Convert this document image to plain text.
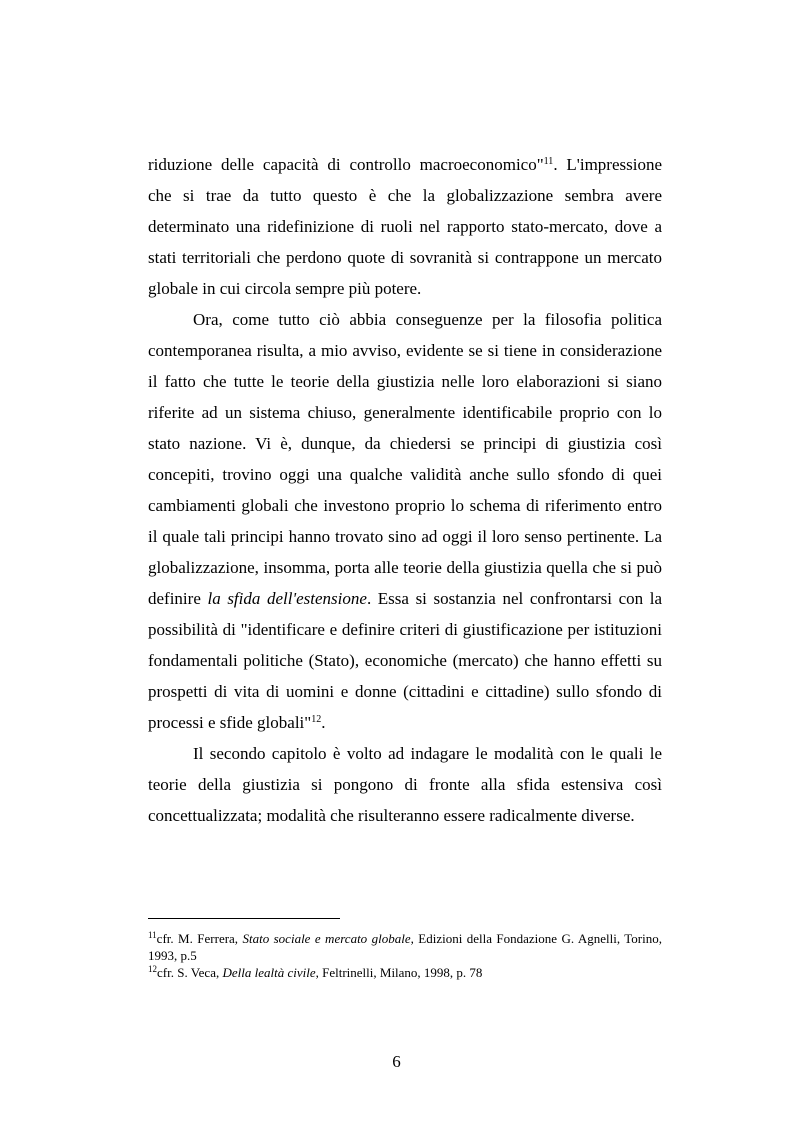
riduzione delle capacità di controllo macroeconomico"$^{11}$. L'impressione che si trae da tutto questo è che la globalizzazione sembra avere determinato una ridefinizione di ruoli nel rapporto stato-mercato, dove a stati territoriali che perdono quote di sovranità si contrappone un mercato globale in cui circola sempre più potere.

Ora, come tutto ciò abbia conseguenze per la filosofia politica contemporanea risulta, a mio avviso, evidente se si tiene in considerazione il fatto che tutte le teorie della giustizia nelle loro elaborazioni si siano riferite ad un sistema chiuso, generalmente identificabile proprio con lo stato nazione. Vi è, dunque, da chiedersi se principi di giustizia così concepiti, trovino oggi una qualche validità anche sullo sfondo di quei cambiamenti globali che investono proprio lo schema di riferimento entro il quale tali principi hanno trovato sino ad oggi il loro senso pertinente. La globalizzazione, insomma, porta alle teorie della giustizia quella che si può definire la sfida dell'estensione. Essa si sostanzia nel confrontarsi con la possibilità di "identificare e definire criteri di giustificazione per istituzioni fondamentali politiche (Stato), economiche (mercato) che hanno effetti su prospetti di vita di uomini e donne (cittadini e cittadine) sullo sfondo di processi e sfide globali"$^{12}$.

Il secondo capitolo è volto ad indagare le modalità con le quali le teorie della giustizia si pongono di fronte alla sfida estensiva così concettualizzata; modalità che risulteranno essere radicalmente diverse.

$^{11}$cfr. M. Ferrera, Stato sociale e mercato globale, Edizioni della Fondazione G. Agnelli, Torino, 1993, p.5

$^{12}$cfr. S. Veca, Della lealtà civile, Feltrinelli, Milano, 1998, p. 78

6
